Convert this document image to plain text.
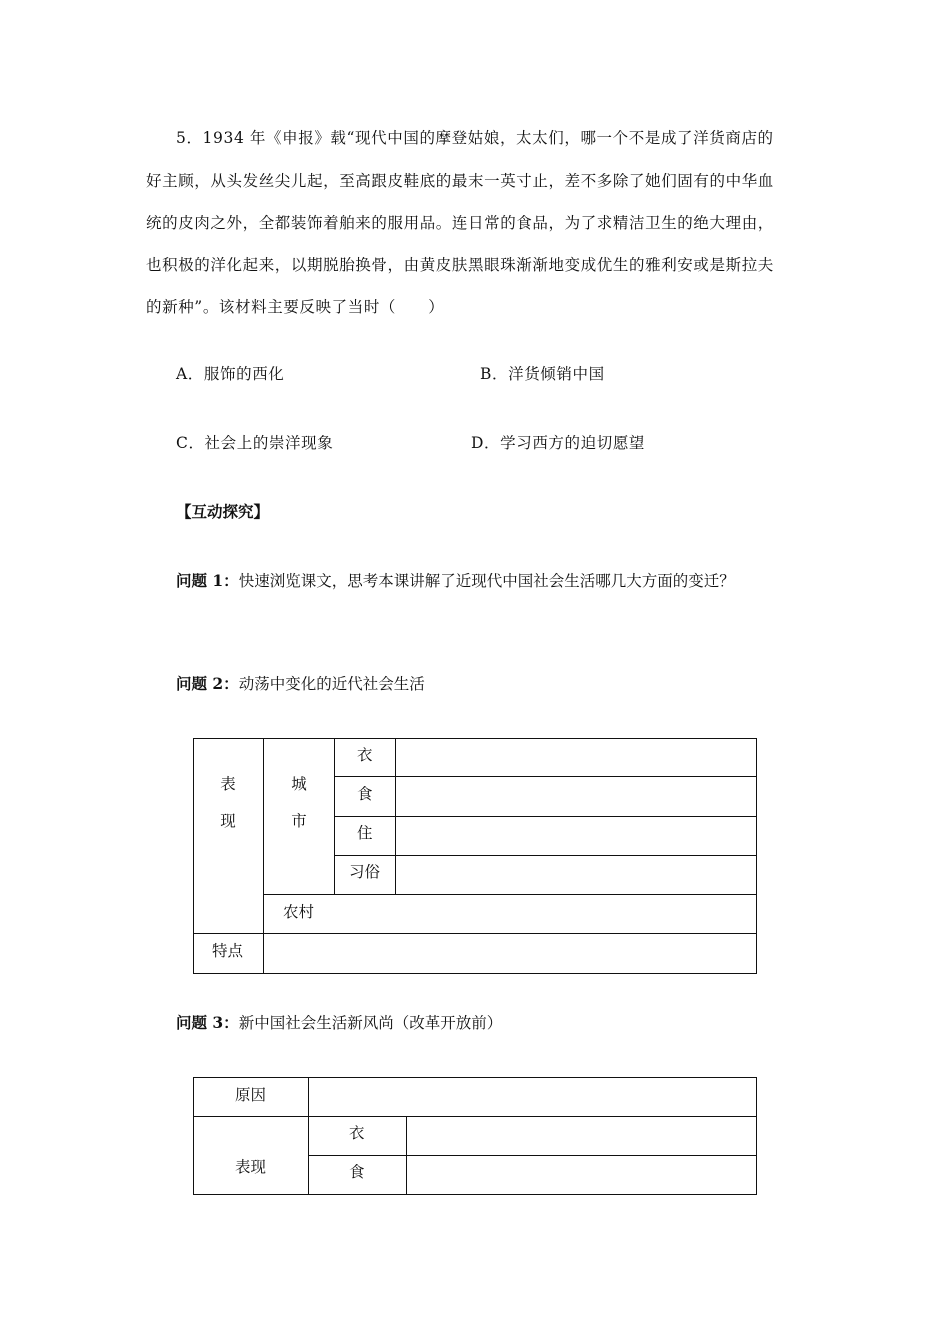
5．1934 年《申报》载“现代中国的摩登姑娘，太太们，哪一个不是成了洋货商店的
好主顾，从头发丝尖儿起，至高跟皮鞋底的最末一英寸止，差不多除了她们固有的中华血
统的皮肉之外，全都装饰着舶来的服用品。连日常的食品，为了求精洁卫生的绝大理由，
也积极的洋化起来，以期脱胎换骨，由黄皮肤黑眼珠渐渐地变成优生的雅利安或是斯拉夫
的新种”。该材料主要反映了当时（　　）
A．服饰的西化	B．洋货倾销中国
C．社会上的崇洋现象	D．学习西方的迫切愿望
【互动探究】
问题 1：快速浏览课文，思考本课讲解了近现代中国社会生活哪几大方面的变迁？
问题 2：动荡中变化的近代社会生活
表
现
城
市
衣
食
住
习俗
农村
特点
问题 3：新中国社会生活新风尚（改革开放前）
原因
表现
衣
食
